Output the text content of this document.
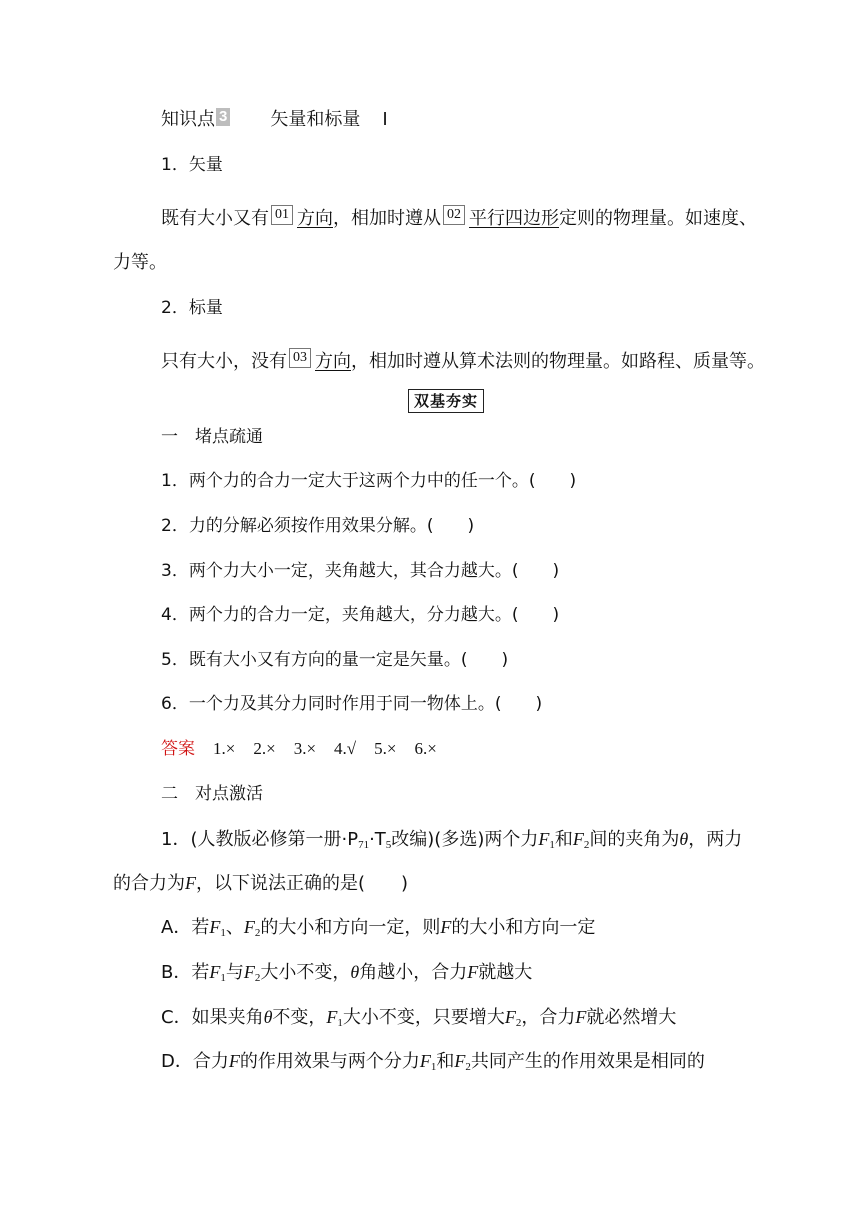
知识点 3 矢量和标量 Ⅰ
1．矢量
既有大小又有 01 方向，相加时遵从 02 平行四边形定则的物理量。如速度、
力等。
2．标量
只有大小，没有 03 方向，相加时遵从算术法则的物理量。如路程、质量等。
双基夯实
一　堵点疏通
1．两个力的合力一定大于这两个力中的任一个。(　　)
2．力的分解必须按作用效果分解。(　　)
3．两个力大小一定，夹角越大，其合力越大。(　　)
4．两个力的合力一定，夹角越大，分力越大。(　　)
5．既有大小又有方向的量一定是矢量。(　　)
6．一个力及其分力同时作用于同一物体上。(　　)
答案 1.× 2.× 3.× 4.√ 5.× 6.×
二　对点激活
1．(人教版必修第一册$\cdot P_{71}\cdot T_5$改编)(多选)两个力$F_1$和$F_2$间的夹角为θ，两力
的合力为F，以下说法正确的是(　　)
A．若$F_1$、$F_2$的大小和方向一定，则F的大小和方向一定
B．若$F_1$与$F_2$大小不变，θ角越小，合力F就越大
C．如果夹角θ不变，$F_1$大小不变，只要增大$F_2$，合力F就必然增大
D．合力F的作用效果与两个分力$F_1$和$F_2$共同产生的作用效果是相同的
